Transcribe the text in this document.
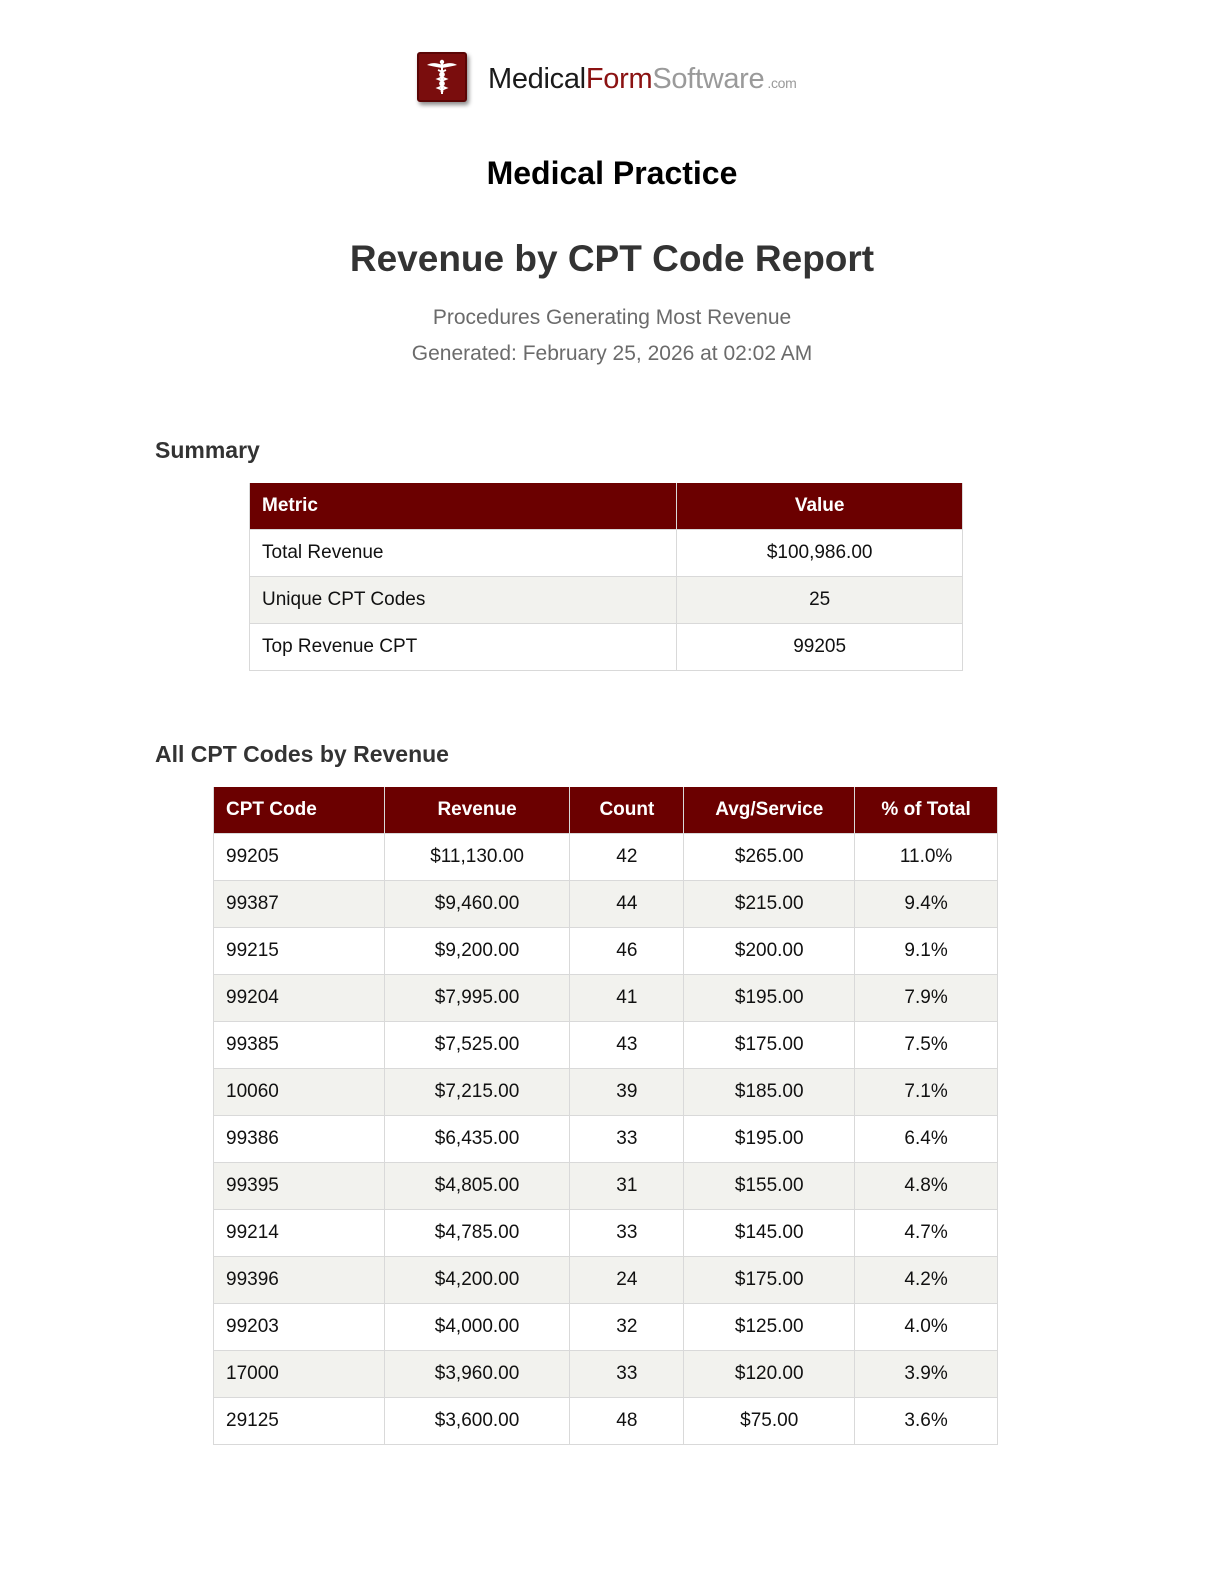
MedicalFormSoftware .com
Medical Practice
Revenue by CPT Code Report
Procedures Generating Most Revenue
Generated: February 25, 2026 at 02:02 AM
Summary
Metric	Value
Total Revenue	$100,986.00
Unique CPT Codes	25
Top Revenue CPT	99205
All CPT Codes by Revenue
CPT Code	Revenue	Count	Avg/Service	% of Total
99205	$11,130.00	42	$265.00	11.0%
99387	$9,460.00	44	$215.00	9.4%
99215	$9,200.00	46	$200.00	9.1%
99204	$7,995.00	41	$195.00	7.9%
99385	$7,525.00	43	$175.00	7.5%
10060	$7,215.00	39	$185.00	7.1%
99386	$6,435.00	33	$195.00	6.4%
99395	$4,805.00	31	$155.00	4.8%
99214	$4,785.00	33	$145.00	4.7%
99396	$4,200.00	24	$175.00	4.2%
99203	$4,000.00	32	$125.00	4.0%
17000	$3,960.00	33	$120.00	3.9%
29125	$3,600.00	48	$75.00	3.6%
